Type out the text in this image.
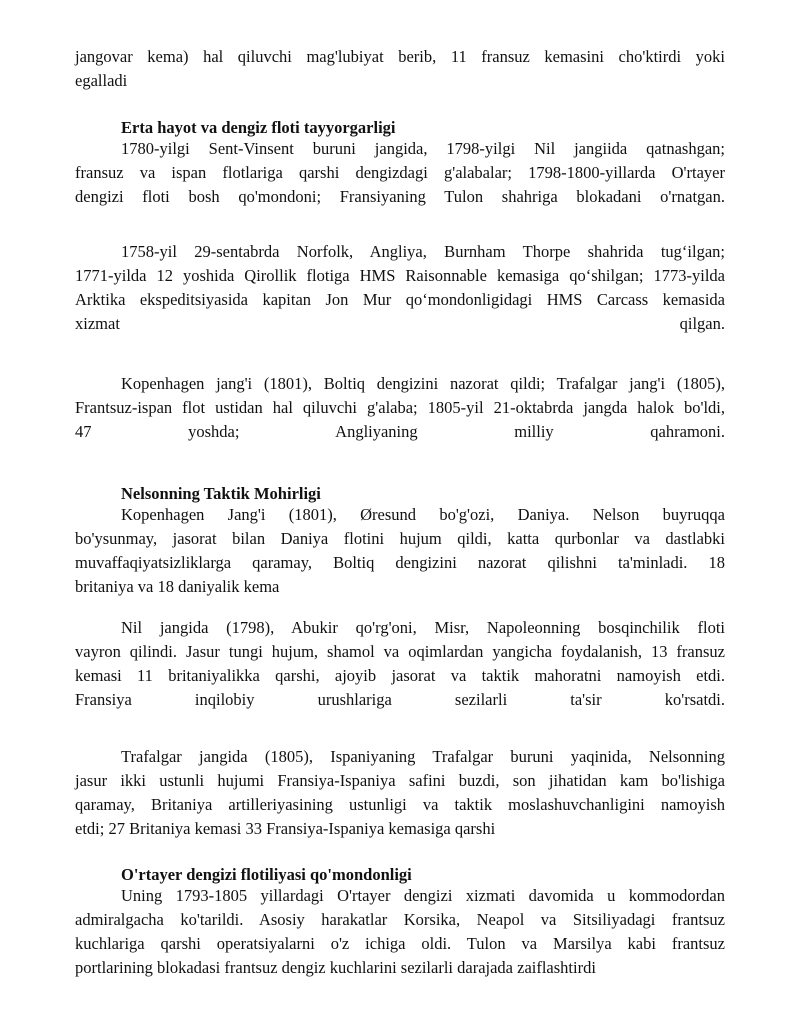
jangovar kema) hal qiluvchi mag'lubiyat berib, 11 fransuz kemasini cho'ktirdi yoki
egalladi

Erta hayot va dengiz floti tayyorgarligi

1780-yilgi Sent-Vinsent buruni jangida, 1798-yilgi Nil jangiida qatnashgan;
fransuz va ispan flotlariga qarshi dengizdagi g'alabalar; 1798-1800-yillarda O'rtayer
dengizi floti bosh qo'mondoni; Fransiyaning Tulon shahriga blokadani o'rnatgan.

1758-yil 29-sentabrda Norfolk, Angliya, Burnham Thorpe shahrida tug‘ilgan;
1771-yilda 12 yoshida Qirollik flotiga HMS Raisonnable kemasiga qo‘shilgan; 1773-yilda
Arktika ekspeditsiyasida kapitan Jon Mur qo‘mondonligidagi HMS Carcass kemasida
xizmat qilgan.

Kopenhagen jang'i (1801), Boltiq dengizini nazorat qildi; Trafalgar jang'i (1805),
Frantsuz-ispan flot ustidan hal qiluvchi g'alaba; 1805-yil 21-oktabrda jangda halok bo'ldi,
47 yoshda; Angliyaning milliy qahramoni.

Nelsonning Taktik Mohirligi

Kopenhagen Jang'i (1801), Øresund bo'g'ozi, Daniya. Nelson buyruqqa
bo'ysunmay, jasorat bilan Daniya flotini hujum qildi, katta qurbonlar va dastlabki
muvaffaqiyatsizliklarga qaramay, Boltiq dengizini nazorat qilishni ta'minladi. 18
britaniya va 18 daniyalik kema

Nil jangida (1798), Abukir qo'rg'oni, Misr, Napoleonning bosqinchilik floti
vayron qilindi. Jasur tungi hujum, shamol va oqimlardan yangicha foydalanish, 13 fransuz
kemasi 11 britaniyalikka qarshi, ajoyib jasorat va taktik mahoratni namoyish etdi.
Fransiya inqilobiy urushlariga sezilarli ta'sir ko'rsatdi.

Trafalgar jangida (1805), Ispaniyaning Trafalgar buruni yaqinida, Nelsonning
jasur ikki ustunli hujumi Fransiya-Ispaniya safini buzdi, son jihatidan kam bo'lishiga
qaramay, Britaniya artilleriyasining ustunligi va taktik moslashuvchanligini namoyish
etdi; 27 Britaniya kemasi 33 Fransiya-Ispaniya kemasiga qarshi

O'rtayer dengizi flotiliyasi qo'mondonligi

Uning 1793-1805 yillardagi O'rtayer dengizi xizmati davomida u kommodordan
admiralgacha ko'tarildi. Asosiy harakatlar Korsika, Neapol va Sitsiliyadagi frantsuz
kuchlariga qarshi operatsiyalarni o'z ichiga oldi. Tulon va Marsilya kabi frantsuz
portlarining blokadasi frantsuz dengiz kuchlarini sezilarli darajada zaiflashtirdi
